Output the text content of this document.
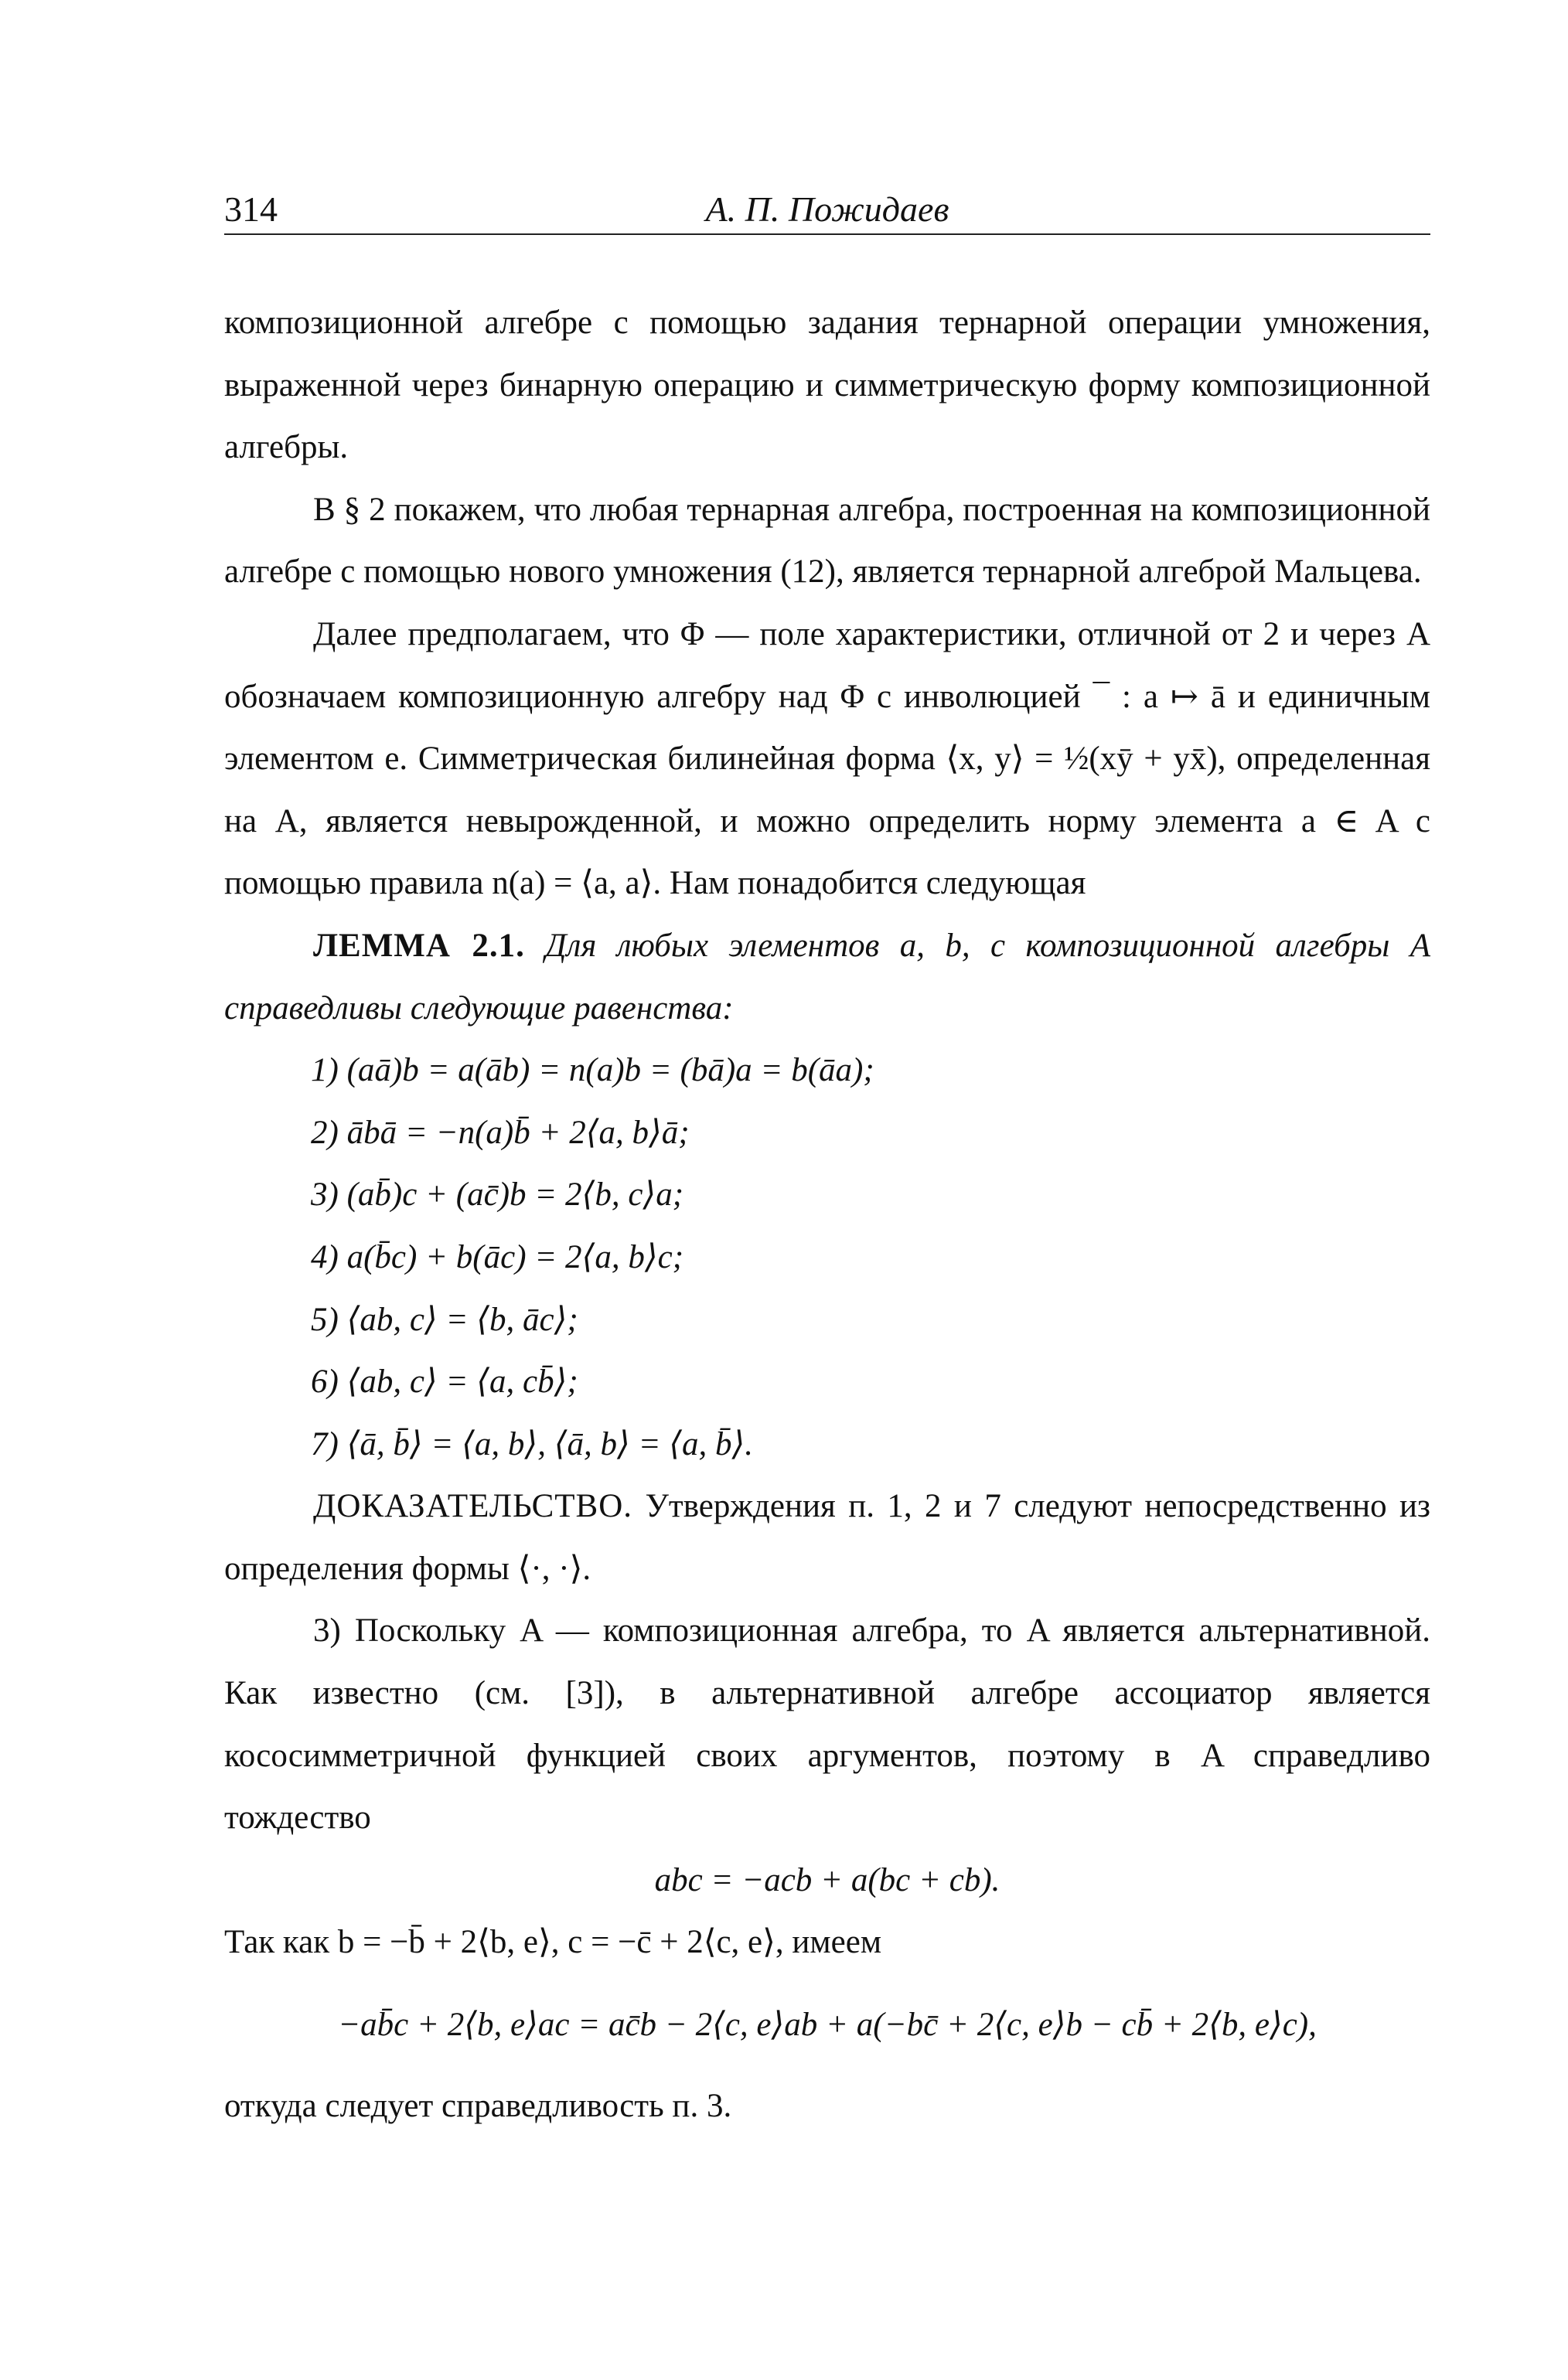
314	А. П. Пожидаев

композиционной алгебре с помощью задания тернарной операции умножения, выраженной через бинарную операцию и симметрическую форму композиционной алгебры.

В § 2 покажем, что любая тернарная алгебра, построенная на композиционной алгебре с помощью нового умножения (12), является тернарной алгеброй Мальцева.

Далее предполагаем, что Φ — поле характеристики, отличной от 2 и через A обозначаем композиционную алгебру над Φ с инволюцией ¯ : a ↦ ā и единичным элементом e. Симметрическая билинейная форма ⟨x, y⟩ = ½(xȳ + yx̄), определенная на A, является невырожденной, и можно определить норму элемента a ∈ A с помощью правила n(a) = ⟨a, a⟩. Нам понадобится следующая

ЛЕММА 2.1. Для любых элементов a, b, c композиционной алгебры A справедливы следующие равенства:

1) (aā)b = a(āb) = n(a)b = (bā)a = b(āa);
2) ābā = −n(a)b̄ + 2⟨a, b⟩ā;
3) (ab̄)c + (ac̄)b = 2⟨b, c⟩a;
4) a(b̄c) + b(āc) = 2⟨a, b⟩c;
5) ⟨ab, c⟩ = ⟨b, āc⟩;
6) ⟨ab, c⟩ = ⟨a, cb̄⟩;
7) ⟨ā, b̄⟩ = ⟨a, b⟩, ⟨ā, b⟩ = ⟨a, b̄⟩.

ДОКАЗАТЕЛЬСТВО. Утверждения п. 1, 2 и 7 следуют непосредственно из определения формы ⟨·, ·⟩.

3) Поскольку A — композиционная алгебра, то A является альтернативной. Как известно (см. [3]), в альтернативной алгебре ассоциатор является кососимметричной функцией своих аргументов, поэтому в A справедливо тождество

abc = −acb + a(bc + cb).

Так как b = −b̄ + 2⟨b, e⟩, c = −c̄ + 2⟨c, e⟩, имеем

−ab̄c + 2⟨b, e⟩ac = ac̄b − 2⟨c, e⟩ab + a(−bc̄ + 2⟨c, e⟩b − cb̄ + 2⟨b, e⟩c),

откуда следует справедливость п. 3.
